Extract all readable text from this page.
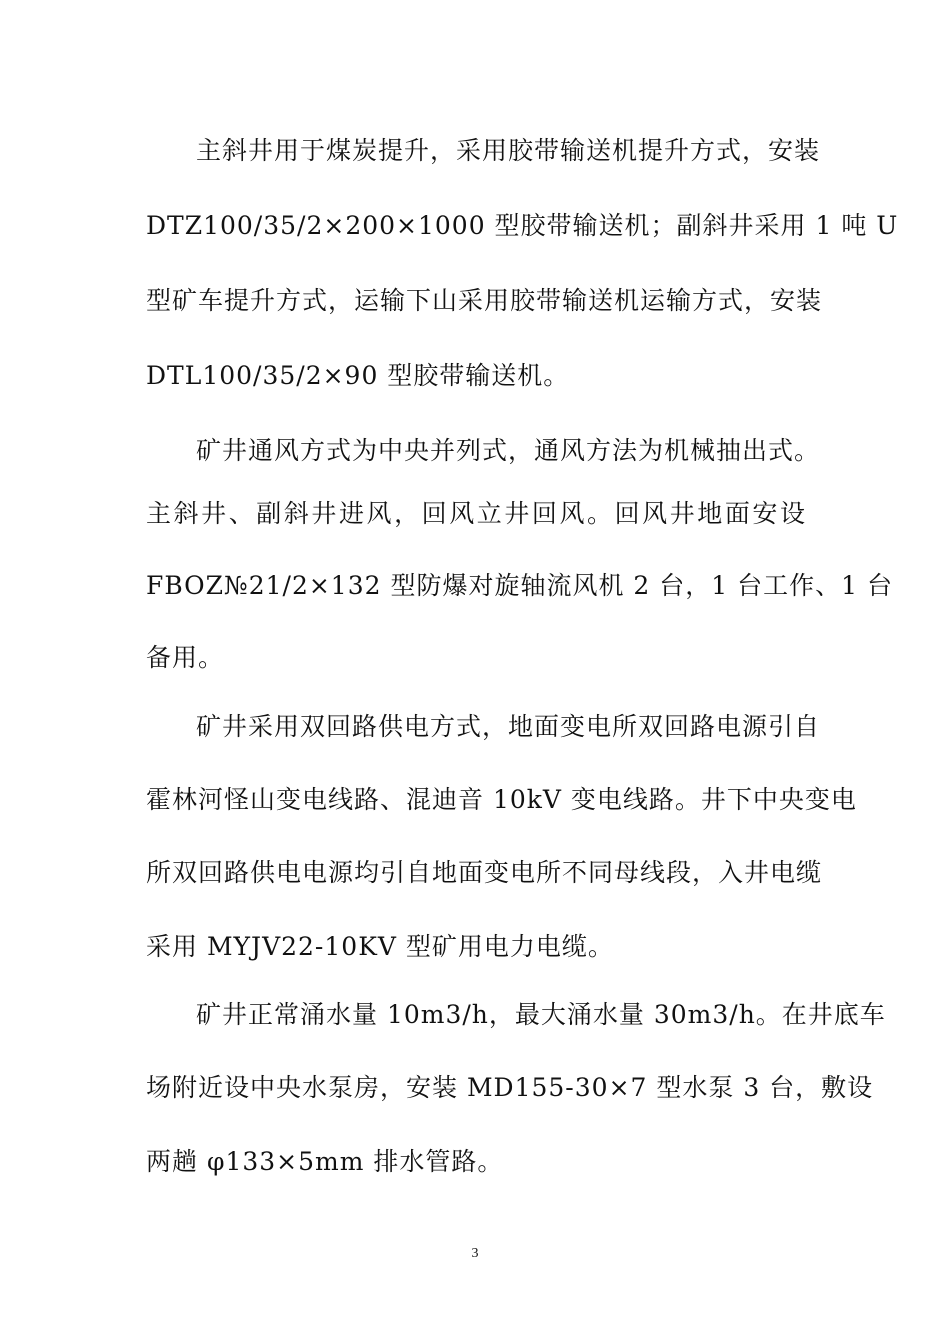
主斜井用于煤炭提升，采用胶带输送机提升方式，安装
DTZ100/35/2×200×1000 型胶带输送机；副斜井采用 1 吨 U
型矿车提升方式，运输下山采用胶带输送机运输方式，安装
DTL100/35/2×90 型胶带输送机。
矿井通风方式为中央并列式，通风方法为机械抽出式。
主斜井、副斜井进风，回风立井回风。回风井地面安设
FBOZ№21/2×132 型防爆对旋轴流风机 2 台，1 台工作、1 台
备用。
矿井采用双回路供电方式，地面变电所双回路电源引自
霍林河怪山变电线路、混迪音 10kV 变电线路。井下中央变电
所双回路供电电源均引自地面变电所不同母线段，入井电缆
采用 MYJV22-10KV 型矿用电力电缆。
矿井正常涌水量 10m3/h，最大涌水量 30m3/h。在井底车
场附近设中央水泵房，安装 MD155-30×7 型水泵 3 台，敷设
两趟 φ133×5mm 排水管路。
3
